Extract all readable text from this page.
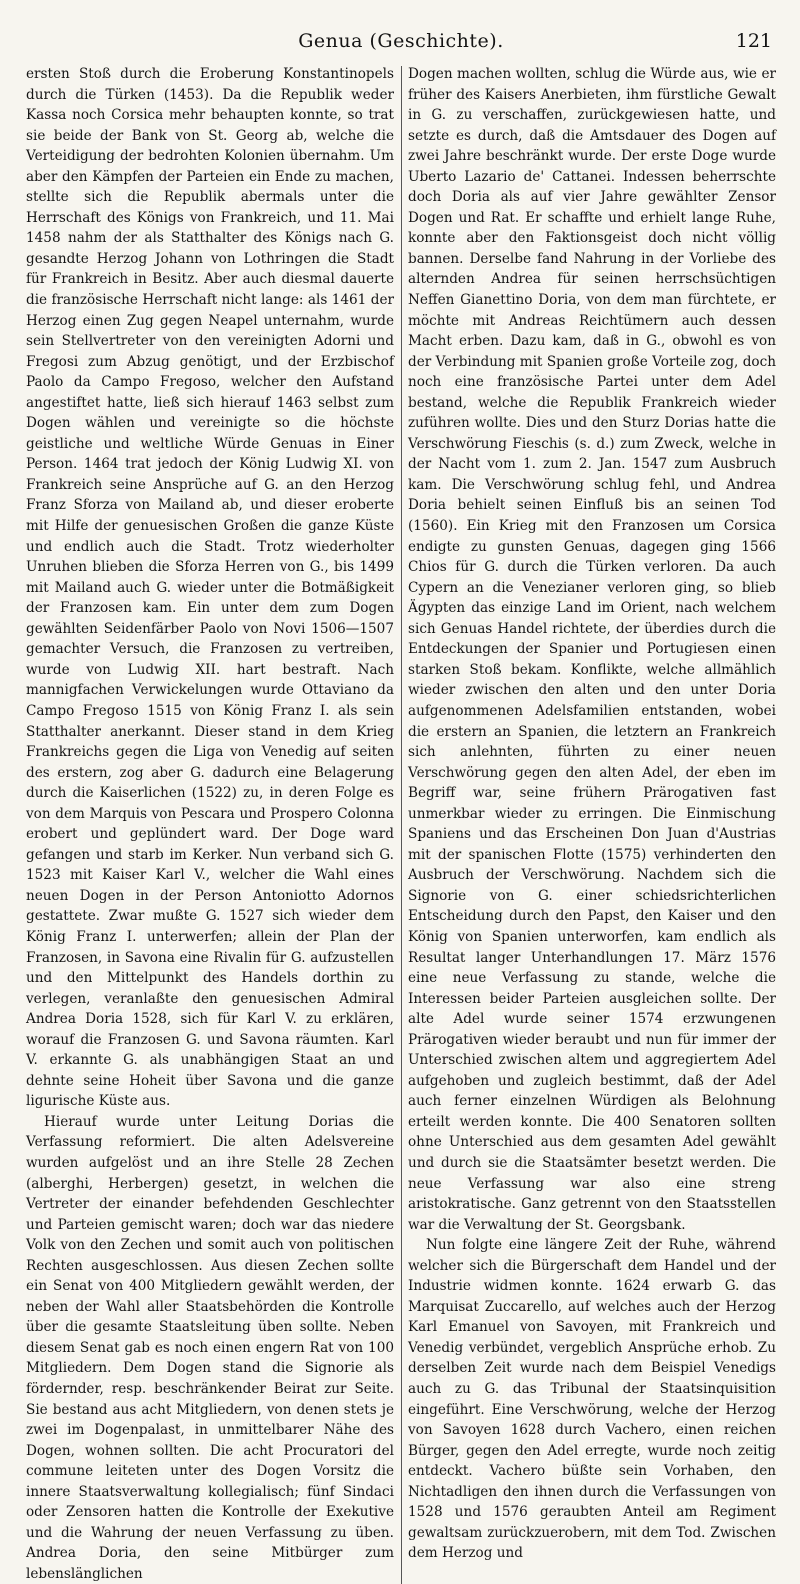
Genua (Geschichte).	121

ersten Stoß durch die Eroberung Konstantinopels durch die Türken (1453). Da die Republik weder Kassa noch Corsica mehr behaupten konnte, so trat sie beide der Bank von St. Georg ab, welche die Verteidigung der bedrohten Kolonien übernahm. Um aber den Kämpfen der Parteien ein Ende zu machen, stellte sich die Republik abermals unter die Herrschaft des Königs von Frankreich, und 11. Mai 1458 nahm der als Statthalter des Königs nach G. gesandte Herzog Johann von Lothringen die Stadt für Frankreich in Besitz. Aber auch diesmal dauerte die französische Herrschaft nicht lange: als 1461 der Herzog einen Zug gegen Neapel unternahm, wurde sein Stellvertreter von den vereinigten Adorni und Fregosi zum Abzug genötigt, und der Erzbischof Paolo da Campo Fregoso, welcher den Aufstand angestiftet hatte, ließ sich hierauf 1463 selbst zum Dogen wählen und vereinigte so die höchste geistliche und weltliche Würde Genuas in Einer Person. 1464 trat jedoch der König Ludwig XI. von Frankreich seine Ansprüche auf G. an den Herzog Franz Sforza von Mailand ab, und dieser eroberte mit Hilfe der genuesischen Großen die ganze Küste und endlich auch die Stadt. Trotz wiederholter Unruhen blieben die Sforza Herren von G., bis 1499 mit Mailand auch G. wieder unter die Botmäßigkeit der Franzosen kam. Ein unter dem zum Dogen gewählten Seidenfärber Paolo von Novi 1506—1507 gemachter Versuch, die Franzosen zu vertreiben, wurde von Ludwig XII. hart bestraft. Nach mannigfachen Verwickelungen wurde Ottaviano da Campo Fregoso 1515 von König Franz I. als sein Statthalter anerkannt. Dieser stand in dem Krieg Frankreichs gegen die Liga von Venedig auf seiten des erstern, zog aber G. dadurch eine Belagerung durch die Kaiserlichen (1522) zu, in deren Folge es von dem Marquis von Pescara und Prospero Colonna erobert und geplündert ward. Der Doge ward gefangen und starb im Kerker. Nun verband sich G. 1523 mit Kaiser Karl V., welcher die Wahl eines neuen Dogen in der Person Antoniotto Adornos gestattete. Zwar mußte G. 1527 sich wieder dem König Franz I. unterwerfen; allein der Plan der Franzosen, in Savona eine Rivalin für G. aufzustellen und den Mittelpunkt des Handels dorthin zu verlegen, veranlaßte den genuesischen Admiral Andrea Doria 1528, sich für Karl V. zu erklären, worauf die Franzosen G. und Savona räumten. Karl V. erkannte G. als unabhängigen Staat an und dehnte seine Hoheit über Savona und die ganze ligurische Küste aus.

Hierauf wurde unter Leitung Dorias die Verfassung reformiert. Die alten Adelsvereine wurden aufgelöst und an ihre Stelle 28 Zechen (alberghi, Herbergen) gesetzt, in welchen die Vertreter der einander befehdenden Geschlechter und Parteien gemischt waren; doch war das niedere Volk von den Zechen und somit auch von politischen Rechten ausgeschlossen. Aus diesen Zechen sollte ein Senat von 400 Mitgliedern gewählt werden, der neben der Wahl aller Staatsbehörden die Kontrolle über die gesamte Staatsleitung üben sollte. Neben diesem Senat gab es noch einen engern Rat von 100 Mitgliedern. Dem Dogen stand die Signorie als fördernder, resp. beschränkender Beirat zur Seite. Sie bestand aus acht Mitgliedern, von denen stets je zwei im Dogenpalast, in unmittelbarer Nähe des Dogen, wohnen sollten. Die acht Procuratori del commune leiteten unter des Dogen Vorsitz die innere Staatsverwaltung kollegialisch; fünf Sindaci oder Zensoren hatten die Kontrolle der Exekutive und die Wahrung der neuen Verfassung zu üben. Andrea Doria, den seine Mitbürger zum lebenslänglichen

Dogen machen wollten, schlug die Würde aus, wie er früher des Kaisers Anerbieten, ihm fürstliche Gewalt in G. zu verschaffen, zurückgewiesen hatte, und setzte es durch, daß die Amtsdauer des Dogen auf zwei Jahre beschränkt wurde. Der erste Doge wurde Uberto Lazario de' Cattanei. Indessen beherrschte doch Doria als auf vier Jahre gewählter Zensor Dogen und Rat. Er schaffte und erhielt lange Ruhe, konnte aber den Faktionsgeist doch nicht völlig bannen. Derselbe fand Nahrung in der Vorliebe des alternden Andrea für seinen herrschsüchtigen Neffen Gianettino Doria, von dem man fürchtete, er möchte mit Andreas Reichtümern auch dessen Macht erben. Dazu kam, daß in G., obwohl es von der Verbindung mit Spanien große Vorteile zog, doch noch eine französische Partei unter dem Adel bestand, welche die Republik Frankreich wieder zuführen wollte. Dies und den Sturz Dorias hatte die Verschwörung Fieschis (s. d.) zum Zweck, welche in der Nacht vom 1. zum 2. Jan. 1547 zum Ausbruch kam. Die Verschwörung schlug fehl, und Andrea Doria behielt seinen Einfluß bis an seinen Tod (1560). Ein Krieg mit den Franzosen um Corsica endigte zu gunsten Genuas, dagegen ging 1566 Chios für G. durch die Türken verloren. Da auch Cypern an die Venezianer verloren ging, so blieb Ägypten das einzige Land im Orient, nach welchem sich Genuas Handel richtete, der überdies durch die Entdeckungen der Spanier und Portugiesen einen starken Stoß bekam. Konflikte, welche allmählich wieder zwischen den alten und den unter Doria aufgenommenen Adelsfamilien entstanden, wobei die erstern an Spanien, die letztern an Frankreich sich anlehnten, führten zu einer neuen Verschwörung gegen den alten Adel, der eben im Begriff war, seine frühern Prärogativen fast unmerkbar wieder zu erringen. Die Einmischung Spaniens und das Erscheinen Don Juan d'Austrias mit der spanischen Flotte (1575) verhinderten den Ausbruch der Verschwörung. Nachdem sich die Signorie von G. einer schiedsrichterlichen Entscheidung durch den Papst, den Kaiser und den König von Spanien unterworfen, kam endlich als Resultat langer Unterhandlungen 17. März 1576 eine neue Verfassung zu stande, welche die Interessen beider Parteien ausgleichen sollte. Der alte Adel wurde seiner 1574 erzwungenen Prärogativen wieder beraubt und nun für immer der Unterschied zwischen altem und aggregiertem Adel aufgehoben und zugleich bestimmt, daß der Adel auch ferner einzelnen Würdigen als Belohnung erteilt werden konnte. Die 400 Senatoren sollten ohne Unterschied aus dem gesamten Adel gewählt und durch sie die Staatsämter besetzt werden. Die neue Verfassung war also eine streng aristokratische. Ganz getrennt von den Staatsstellen war die Verwaltung der St. Georgsbank.

Nun folgte eine längere Zeit der Ruhe, während welcher sich die Bürgerschaft dem Handel und der Industrie widmen konnte. 1624 erwarb G. das Marquisat Zuccarello, auf welches auch der Herzog Karl Emanuel von Savoyen, mit Frankreich und Venedig verbündet, vergeblich Ansprüche erhob. Zu derselben Zeit wurde nach dem Beispiel Venedigs auch zu G. das Tribunal der Staatsinquisition eingeführt. Eine Verschwörung, welche der Herzog von Savoyen 1628 durch Vachero, einen reichen Bürger, gegen den Adel erregte, wurde noch zeitig entdeckt. Vachero büßte sein Vorhaben, den Nichtadligen den ihnen durch die Verfassungen von 1528 und 1576 geraubten Anteil am Regiment gewaltsam zurückzuerobern, mit dem Tod. Zwischen dem Herzog und
